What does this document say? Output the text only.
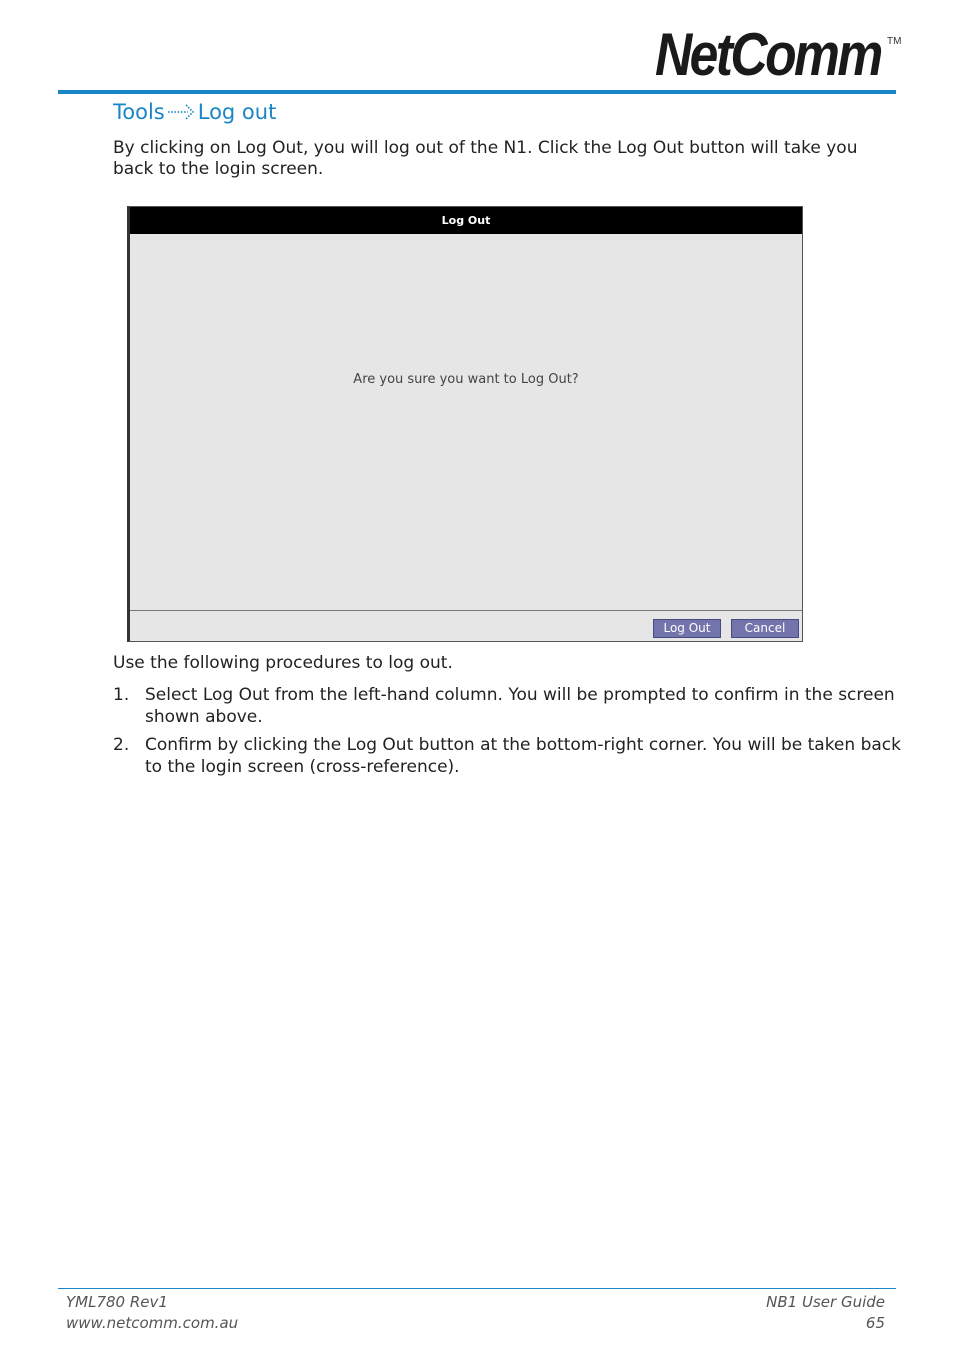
NetComm TM
Tools Log out

By clicking on Log Out, you will log out of the N1. Click the Log Out button will take you back to the login screen.

Log Out
Are you sure you want to Log Out?
Log Out	Cancel

Use the following procedures to log out.

1. Select Log Out from the left-hand column. You will be prompted to confirm in the screen shown above.
2. Confirm by clicking the Log Out button at the bottom-right corner. You will be taken back to the login screen (cross-reference).
YML780 Rev1
www.netcomm.com.au
NB1 User Guide
65
